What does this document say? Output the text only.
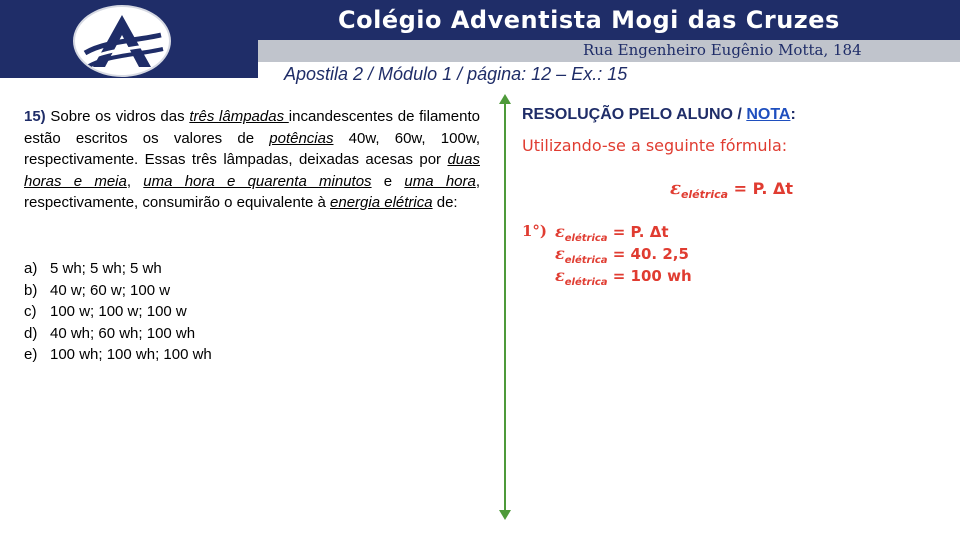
Colégio Adventista Mogi das Cruzes
Rua Engenheiro Eugênio Motta, 184
Apostila 2 / Módulo 1 / página: 12 – Ex.: 15
15) Sobre os vidros das três lâmpadas incandescentes de filamento estão escritos os valores de potências 40w, 60w, 100w, respectivamente. Essas três lâmpadas, deixadas acesas por duas horas e meia, uma hora e quarenta minutos e uma hora, respectivamente, consumirão o equivalente à energia elétrica de:
a) 5 wh; 5 wh; 5 wh
b) 40 w; 60 w; 100 w
c) 100 w; 100 w; 100 w
d) 40 wh; 60 wh; 100 wh
e) 100 wh; 100 wh; 100 wh
RESOLUÇÃO PELO ALUNO / NOTA:
Utilizando-se a seguinte fórmula:
$\varepsilon_{elétrica} = P$. Δt
1°) $\varepsilon_{elétrica} = P$. Δt
$\varepsilon_{elétrica} = 40$. 2,5
$\varepsilon_{elétrica} = 100$ wh
